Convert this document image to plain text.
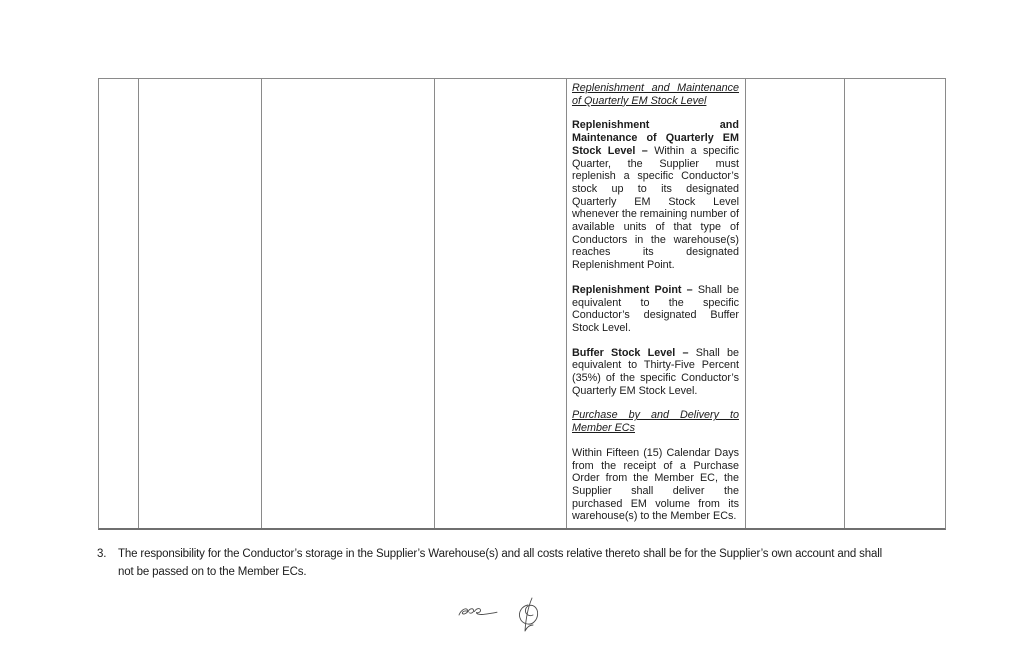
Replenishment and Maintenance of Quarterly EM Stock Level

Replenishment and Maintenance of Quarterly EM Stock Level – Within a specific Quarter, the Supplier must replenish a specific Conductor’s stock up to its designated Quarterly EM Stock Level whenever the remaining number of available units of that type of Conductors in the warehouse(s) reaches its designated Replenishment Point.

Replenishment Point – Shall be equivalent to the specific Conductor’s designated Buffer Stock Level.

Buffer Stock Level – Shall be equivalent to Thirty-Five Percent (35%) of the specific Conductor’s Quarterly EM Stock Level.

Purchase by and Delivery to Member ECs

Within Fifteen (15) Calendar Days from the receipt of a Purchase Order from the Member EC, the Supplier shall deliver the purchased EM volume from its warehouse(s) to the Member ECs.

3.	The responsibility for the Conductor’s storage in the Supplier’s Warehouse(s) and all costs relative thereto shall be for the Supplier’s own account and shall
not be passed on to the Member ECs.
